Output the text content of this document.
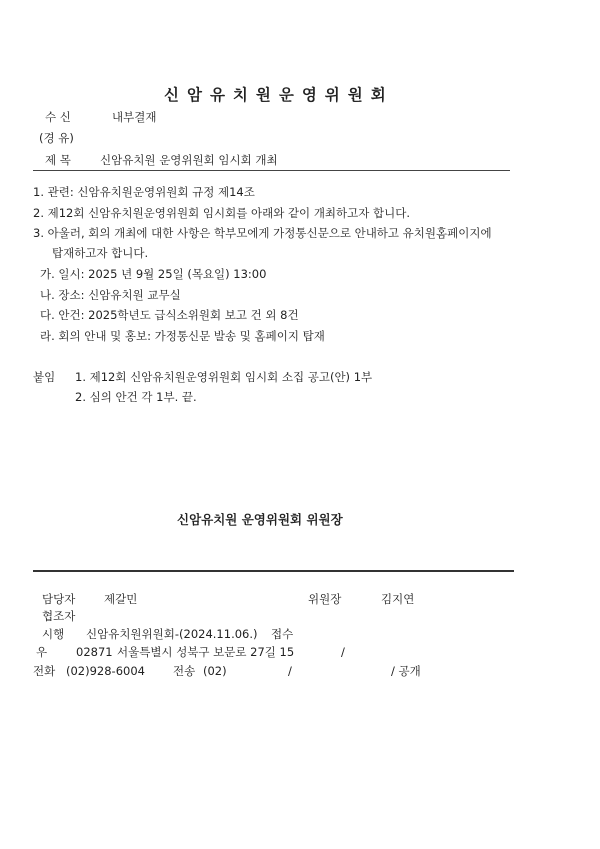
신암유치원운영위원회
수 신	내부결재
(경 유)
제 목	신암유치원 운영위원회 임시회 개최
1. 관련: 신암유치원운영위원회 규정 제14조
2. 제12회 신암유치원운영위원회 임시회를 아래와 같이 개최하고자 합니다.
3. 아울러, 회의 개최에 대한 사항은 학부모에게 가정통신문으로 안내하고 유치원홈페이지에
탑재하고자 합니다.
가. 일시: 2025 년 9월 25일 (목요일) 13:00
나. 장소: 신암유치원 교무실
다. 안건: 2025학년도 급식소위원회 보고 건 외 8건
라. 회의 안내 및 홍보: 가정통신문 발송 및 홈페이지 탑재
붙임 1. 제12회 신암유치원운영위원회 임시회 소집 공고(안) 1부
2. 심의 안건 각 1부. 끝.
신암유치원 운영위원회 위원장
담당자 제갈민	위원장	김지연
협조자
시행 신암유치원위원회-(2024.11.06.) 접수
우	02871 서울특별시 성북구 보문로 27길 15	/
전화 (02)928-6004 전송 (02)	/	/ 공개
